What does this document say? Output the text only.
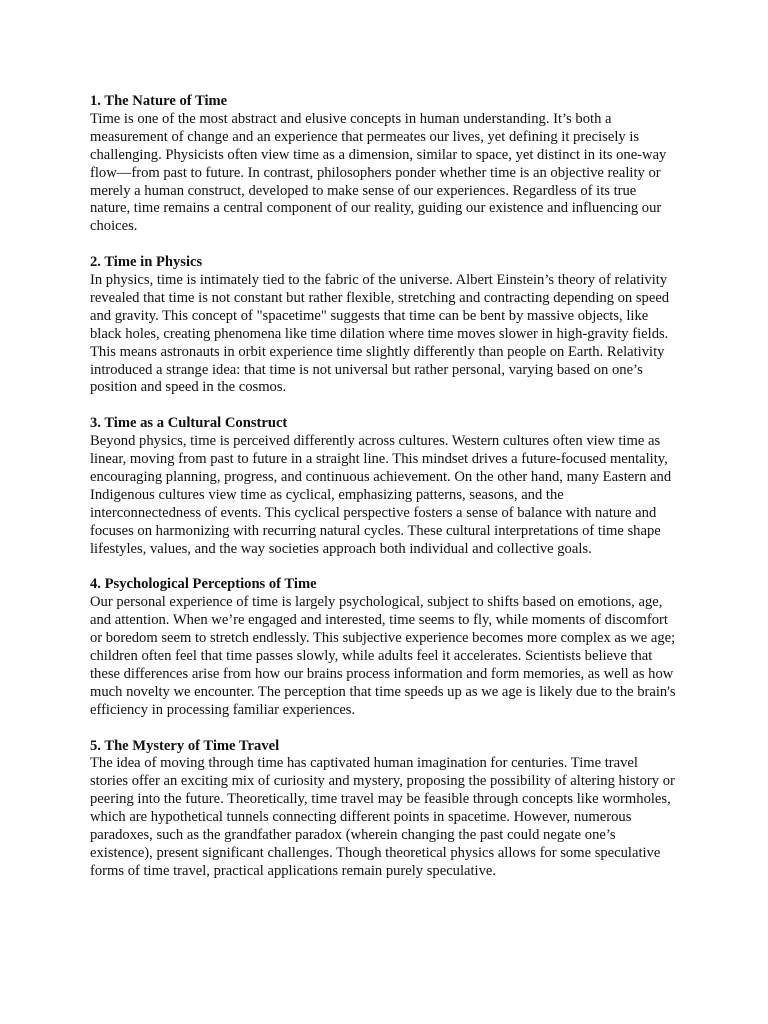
1. The Nature of Time

Time is one of the most abstract and elusive concepts in human understanding. It’s both a measurement of change and an experience that permeates our lives, yet defining it precisely is challenging. Physicists often view time as a dimension, similar to space, yet distinct in its one-way flow—from past to future. In contrast, philosophers ponder whether time is an objective reality or merely a human construct, developed to make sense of our experiences. Regardless of its true nature, time remains a central component of our reality, guiding our existence and influencing our choices.

2. Time in Physics

In physics, time is intimately tied to the fabric of the universe. Albert Einstein’s theory of relativity revealed that time is not constant but rather flexible, stretching and contracting depending on speed and gravity. This concept of "spacetime" suggests that time can be bent by massive objects, like black holes, creating phenomena like time dilation where time moves slower in high-gravity fields. This means astronauts in orbit experience time slightly differently than people on Earth. Relativity introduced a strange idea: that time is not universal but rather personal, varying based on one’s position and speed in the cosmos.

3. Time as a Cultural Construct

Beyond physics, time is perceived differently across cultures. Western cultures often view time as linear, moving from past to future in a straight line. This mindset drives a future-focused mentality, encouraging planning, progress, and continuous achievement. On the other hand, many Eastern and Indigenous cultures view time as cyclical, emphasizing patterns, seasons, and the interconnectedness of events. This cyclical perspective fosters a sense of balance with nature and focuses on harmonizing with recurring natural cycles. These cultural interpretations of time shape lifestyles, values, and the way societies approach both individual and collective goals.

4. Psychological Perceptions of Time

Our personal experience of time is largely psychological, subject to shifts based on emotions, age, and attention. When we’re engaged and interested, time seems to fly, while moments of discomfort or boredom seem to stretch endlessly. This subjective experience becomes more complex as we age; children often feel that time passes slowly, while adults feel it accelerates. Scientists believe that these differences arise from how our brains process information and form memories, as well as how much novelty we encounter. The perception that time speeds up as we age is likely due to the brain's efficiency in processing familiar experiences.

5. The Mystery of Time Travel

The idea of moving through time has captivated human imagination for centuries. Time travel stories offer an exciting mix of curiosity and mystery, proposing the possibility of altering history or peering into the future. Theoretically, time travel may be feasible through concepts like wormholes, which are hypothetical tunnels connecting different points in spacetime. However, numerous paradoxes, such as the grandfather paradox (wherein changing the past could negate one’s existence), present significant challenges. Though theoretical physics allows for some speculative forms of time travel, practical applications remain purely speculative.
